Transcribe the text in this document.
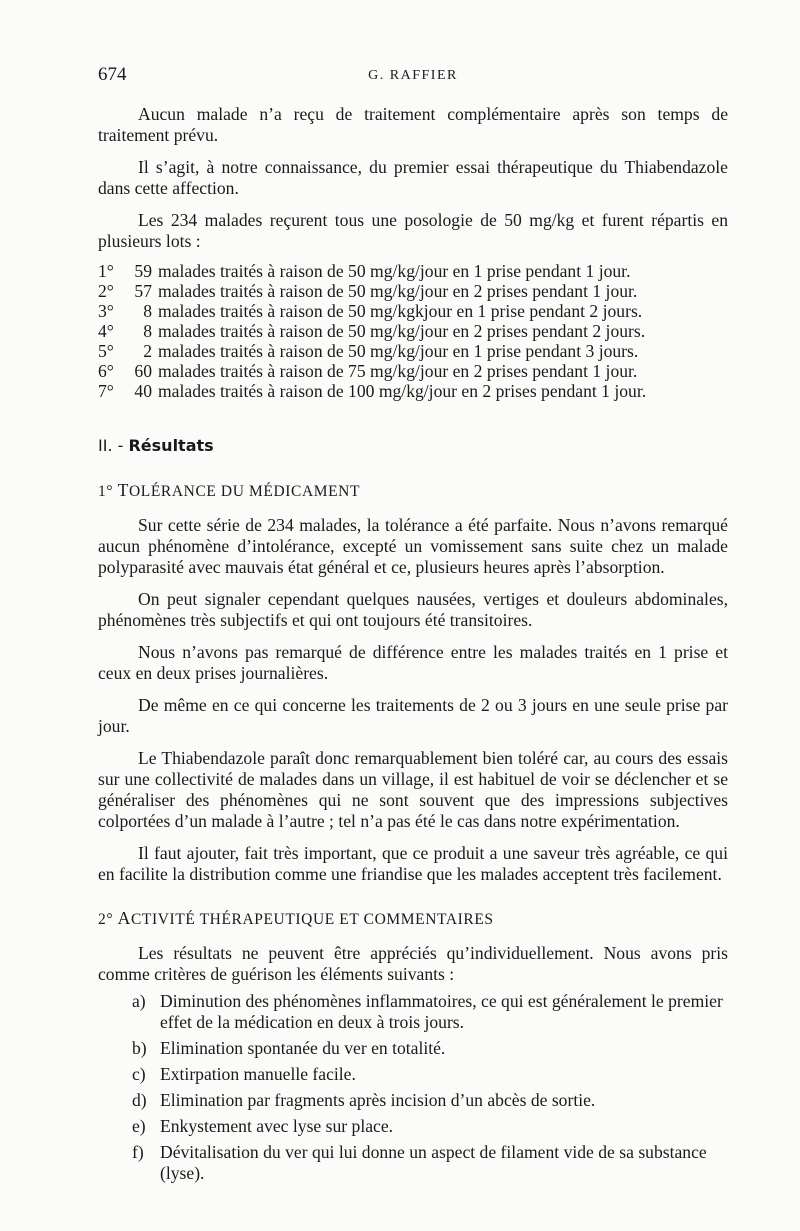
674	G. RAFFIER

Aucun malade n’a reçu de traitement complémentaire après son temps de traitement prévu.

Il s’agit, à notre connaissance, du premier essai thérapeutique du Thiabendazole dans cette affection.

Les 234 malades reçurent tous une posologie de 50 mg/kg et furent répartis en plusieurs lots :

1°	59 malades traités à raison de 50 mg/kg/jour en 1 prise pendant 1 jour.
2°	57 malades traités à raison de 50 mg/kg/jour en 2 prises pendant 1 jour.
3°	8 malades traités à raison de 50 mg/kgkjour en 1 prise pendant 2 jours.
4°	8 malades traités à raison de 50 mg/kg/jour en 2 prises pendant 2 jours.
5°	2 malades traités à raison de 50 mg/kg/jour en 1 prise pendant 3 jours.
6°	60 malades traités à raison de 75 mg/kg/jour en 2 prises pendant 1 jour.
7°	40 malades traités à raison de 100 mg/kg/jour en 2 prises pendant 1 jour.
II. - Résultats
1° TOLÉRANCE DU MÉDICAMENT

Sur cette série de 234 malades, la tolérance a été parfaite. Nous n’avons remarqué aucun phénomène d’intolérance, excepté un vomissement sans suite chez un malade polyparasité avec mauvais état général et ce, plusieurs heures après l’absorption.

On peut signaler cependant quelques nausées, vertiges et douleurs abdominales, phénomènes très subjectifs et qui ont toujours été transitoires.

Nous n’avons pas remarqué de différence entre les malades traités en 1 prise et ceux en deux prises journalières.

De même en ce qui concerne les traitements de 2 ou 3 jours en une seule prise par jour.

Le Thiabendazole paraît donc remarquablement bien toléré car, au cours des essais sur une collectivité de malades dans un village, il est habituel de voir se déclencher et se généraliser des phénomènes qui ne sont souvent que des impressions subjectives colportées d’un malade à l’autre ; tel n’a pas été le cas dans notre expérimentation.

Il faut ajouter, fait très important, que ce produit a une saveur très agréable, ce qui en facilite la distribution comme une friandise que les malades acceptent très facilement.

2° ACTIVITÉ THÉRAPEUTIQUE ET COMMENTAIRES

Les résultats ne peuvent être appréciés qu’individuellement. Nous avons pris comme critères de guérison les éléments suivants :

a) Diminution des phénomènes inflammatoires, ce qui est généralement le premier effet de la médication en deux à trois jours.
b) Elimination spontanée du ver en totalité.
c) Extirpation manuelle facile.
d) Elimination par fragments après incision d’un abcès de sortie.
e) Enkystement avec lyse sur place.
f) Dévitalisation du ver qui lui donne un aspect de filament vide de sa substance (lyse).
